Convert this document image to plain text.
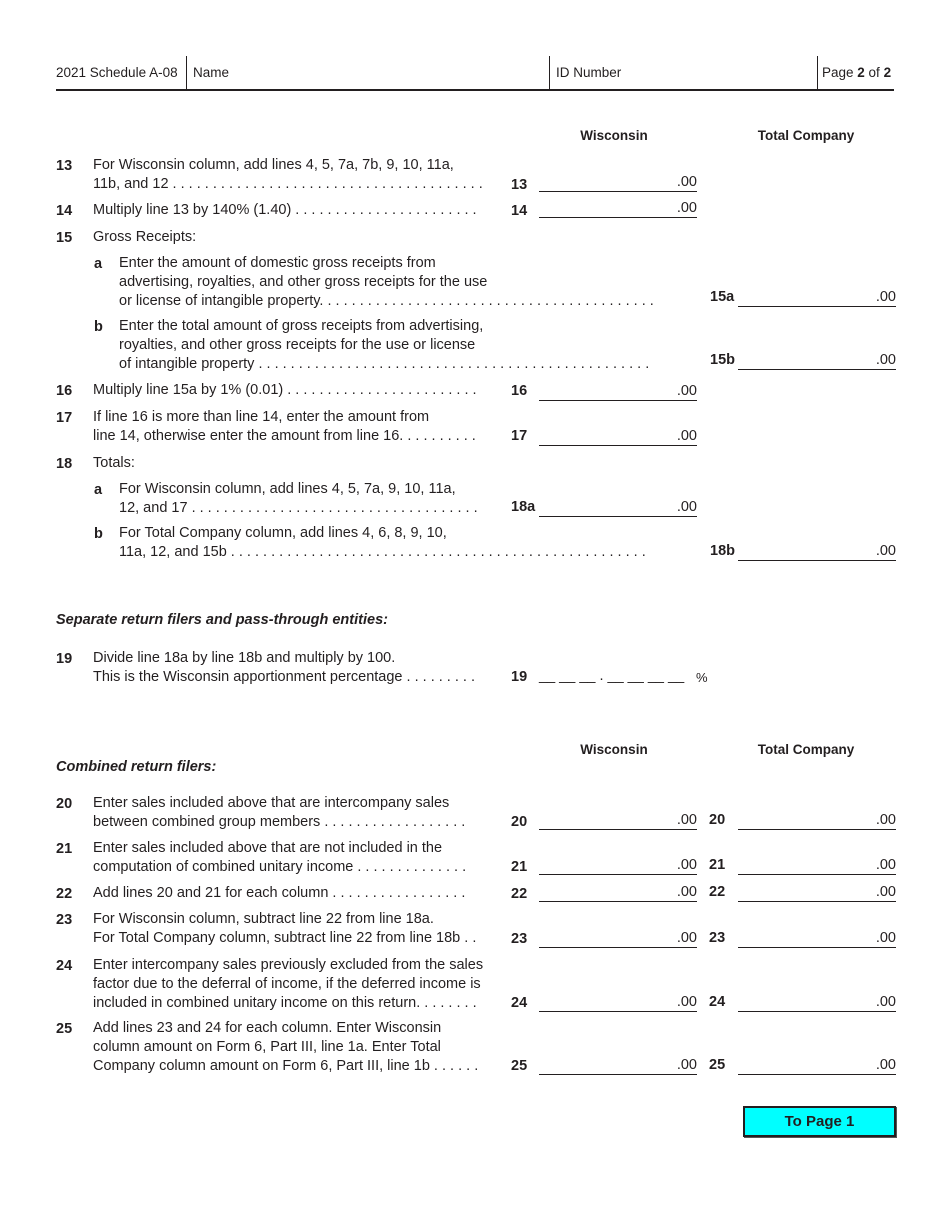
2021 Schedule A-08 Name	ID Number	Page 2 of 2
Wisconsin	Total Company
13	For Wisconsin column, add lines 4, 5, 7a, 7b, 9, 10, 11a,
11b, and 12 . . . . . . . . . . . . . . . . . . . . . . . . . . . . . . . . . . . . . . . 13	.00
14	Multiply line 13 by 140% (1.40) . . . . . . . . . . . . . . . . . . . . . . . 14	.00
15	Gross Receipts:
a	Enter the amount of domestic gross receipts from
advertising, royalties, and other gross receipts for the use
or license of intangible property. . . . . . . . . . . . . . . . . . . . . . . . . . . . . . . . . . . . . . . . . .	15a	.00
b	Enter the total amount of gross receipts from advertising,
royalties, and other gross receipts for the use or license
of intangible property . . . . . . . . . . . . . . . . . . . . . . . . . . . . . . . . . . . . . . . . . . . . . . . . .	15b	.00
16	Multiply line 15a by 1% (0.01) . . . . . . . . . . . . . . . . . . . . . . . . 16	.00
17	If line 16 is more than line 14, enter the amount from
line 14, otherwise enter the amount from line 16. . . . . . . . . . 17	.00
18	Totals:
a	For Wisconsin column, add lines 4, 5, 7a, 9, 10, 11a,
12, and 17 . . . . . . . . . . . . . . . . . . . . . . . . . . . . . . . . . . . . 18a	.00
b	For Total Company column, add lines 4, 6, 8, 9, 10,
11a, 12, and 15b . . . . . . . . . . . . . . . . . . . . . . . . . . . . . . . . . . . . . . . . . . . . . . . . . . . .	18b	.00
Separate return filers and pass-through entities:
19	Divide line 18a by line 18b and multiply by 100.
This is the Wisconsin apportionment percentage . . . . . . . . . 19 __ __ __ . __ __ __ __ %
Wisconsin	Total Company
Combined return filers:
20	Enter sales included above that are intercompany sales
between combined group members . . . . . . . . . . . . . . . . . .	20	.00 20	.00
21	Enter sales included above that are not included in the
computation of combined unitary income . . . . . . . . . . . . . .	21	.00 21	.00
22	Add lines 20 and 21 for each column . . . . . . . . . . . . . . . . .	22	.00 22	.00
23	For Wisconsin column, subtract line 22 from line 18a.
For Total Company column, subtract line 22 from line 18b . . 23	.00 23	.00
24	Enter intercompany sales previously excluded from the sales
factor due to the deferral of income, if the deferred income is
included in combined unitary income on this return. . . . . . . .	24	.00 24	.00
25	Add lines 23 and 24 for each column. Enter Wisconsin
column amount on Form 6, Part III, line 1a. Enter Total
Company column amount on Form 6, Part III, line 1b . . . . . . 25	.00 25	.00
To Page 1
